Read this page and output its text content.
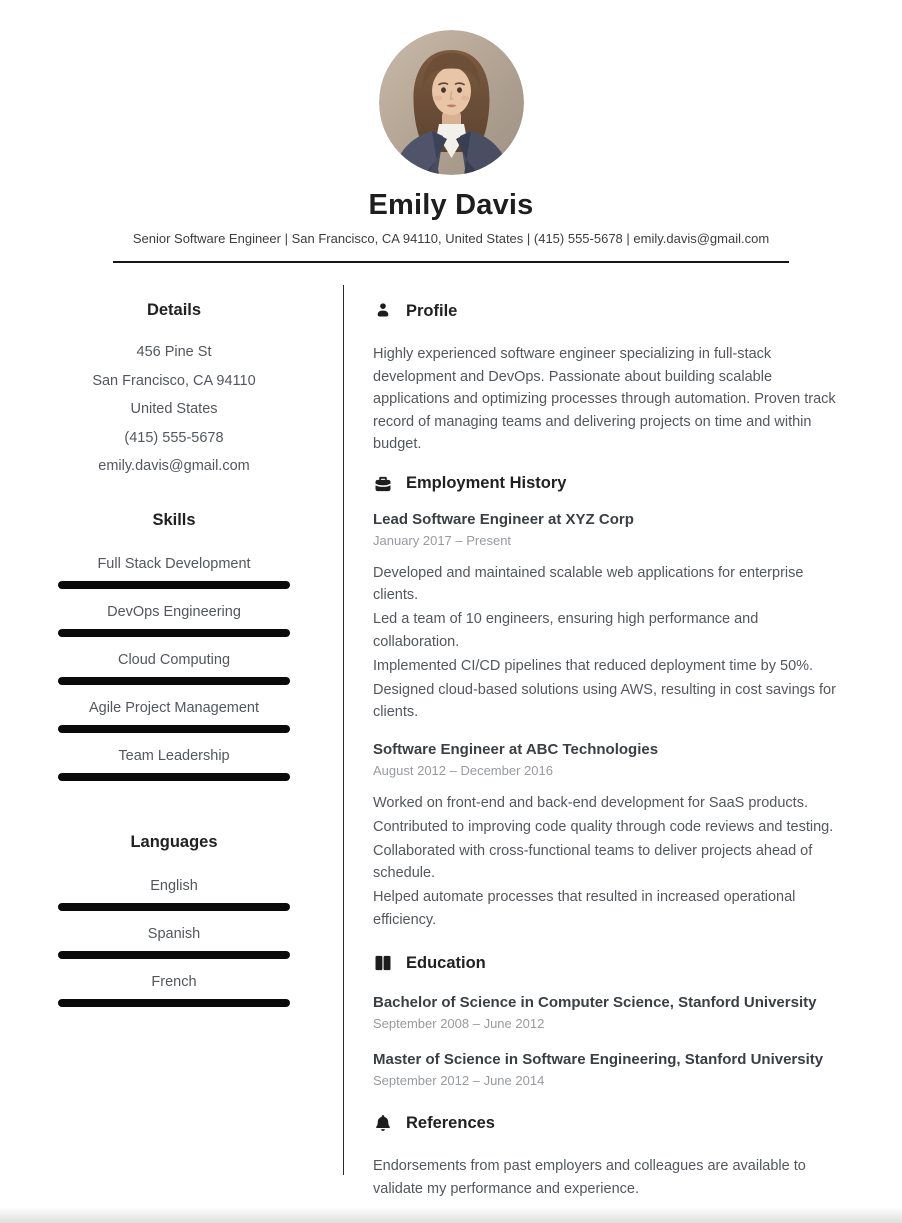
Emily Davis
Senior Software Engineer | San Francisco, CA 94110, United States | (415) 555-5678 | emily.davis@gmail.com
Details
456 Pine St
San Francisco, CA 94110
United States
(415) 555-5678
emily.davis@gmail.com
Skills
Full Stack Development
DevOps Engineering
Cloud Computing
Agile Project Management
Team Leadership
Languages
English
Spanish
French
Profile
Highly experienced software engineer specializing in full-stack development and DevOps. Passionate about building scalable applications and optimizing processes through automation. Proven track record of managing teams and delivering projects on time and within budget.
Employment History
Lead Software Engineer at XYZ Corp
January 2017 – Present
Developed and maintained scalable web applications for enterprise clients.
Led a team of 10 engineers, ensuring high performance and collaboration.
Implemented CI/CD pipelines that reduced deployment time by 50%.
Designed cloud-based solutions using AWS, resulting in cost savings for clients.
Software Engineer at ABC Technologies
August 2012 – December 2016
Worked on front-end and back-end development for SaaS products.
Contributed to improving code quality through code reviews and testing.
Collaborated with cross-functional teams to deliver projects ahead of schedule.
Helped automate processes that resulted in increased operational efficiency.
Education
Bachelor of Science in Computer Science, Stanford University
September 2008 – June 2012
Master of Science in Software Engineering, Stanford University
September 2012 – June 2014
References
Endorsements from past employers and colleagues are available to validate my performance and experience.
